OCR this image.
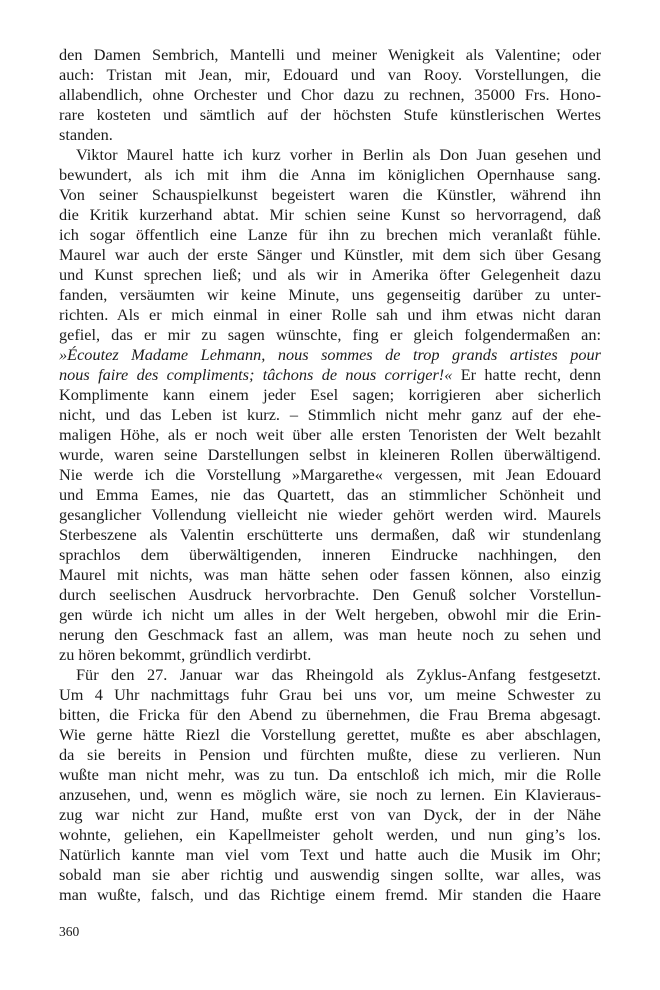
den Damen Sembrich, Mantelli und meiner Wenigkeit als Valentine; oder
auch: Tristan mit Jean, mir, Edouard und van Rooy. Vorstellungen, die
allabendlich, ohne Orchester und Chor dazu zu rechnen, 35000 Frs. Hono-
rare kosteten und sämtlich auf der höchsten Stufe künstlerischen Wertes
standen.
Viktor Maurel hatte ich kurz vorher in Berlin als Don Juan gesehen und
bewundert, als ich mit ihm die Anna im königlichen Opernhause sang.
Von seiner Schauspielkunst begeistert waren die Künstler, während ihn
die Kritik kurzerhand abtat. Mir schien seine Kunst so hervorragend, daß
ich sogar öffentlich eine Lanze für ihn zu brechen mich veranlaßt fühle.
Maurel war auch der erste Sänger und Künstler, mit dem sich über Gesang
und Kunst sprechen ließ; und als wir in Amerika öfter Gelegenheit dazu
fanden, versäumten wir keine Minute, uns gegenseitig darüber zu unter-
richten. Als er mich einmal in einer Rolle sah und ihm etwas nicht daran
gefiel, das er mir zu sagen wünschte, fing er gleich folgendermaßen an:
»Écoutez Madame Lehmann, nous sommes de trop grands artistes pour
nous faire des compliments; tâchons de nous corriger!« Er hatte recht, denn
Komplimente kann einem jeder Esel sagen; korrigieren aber sicherlich
nicht, und das Leben ist kurz. – Stimmlich nicht mehr ganz auf der ehe-
maligen Höhe, als er noch weit über alle ersten Tenoristen der Welt bezahlt
wurde, waren seine Darstellungen selbst in kleineren Rollen überwältigend.
Nie werde ich die Vorstellung »Margarethe« vergessen, mit Jean Edouard
und Emma Eames, nie das Quartett, das an stimmlicher Schönheit und
gesanglicher Vollendung vielleicht nie wieder gehört werden wird. Maurels
Sterbeszene als Valentin erschütterte uns dermaßen, daß wir stundenlang
sprachlos dem überwältigenden, inneren Eindrucke nachhingen, den
Maurel mit nichts, was man hätte sehen oder fassen können, also einzig
durch seelischen Ausdruck hervorbrachte. Den Genuß solcher Vorstellun-
gen würde ich nicht um alles in der Welt hergeben, obwohl mir die Erin-
nerung den Geschmack fast an allem, was man heute noch zu sehen und
zu hören bekommt, gründlich verdirbt.
Für den 27. Januar war das Rheingold als Zyklus-Anfang festgesetzt.
Um 4 Uhr nachmittags fuhr Grau bei uns vor, um meine Schwester zu
bitten, die Fricka für den Abend zu übernehmen, die Frau Brema abgesagt.
Wie gerne hätte Riezl die Vorstellung gerettet, mußte es aber abschlagen,
da sie bereits in Pension und fürchten mußte, diese zu verlieren. Nun
wußte man nicht mehr, was zu tun. Da entschloß ich mich, mir die Rolle
anzusehen, und, wenn es möglich wäre, sie noch zu lernen. Ein Klavieraus-
zug war nicht zur Hand, mußte erst von van Dyck, der in der Nähe
wohnte, geliehen, ein Kapellmeister geholt werden, und nun ging’s los.
Natürlich kannte man viel vom Text und hatte auch die Musik im Ohr;
sobald man sie aber richtig und auswendig singen sollte, war alles, was
man wußte, falsch, und das Richtige einem fremd. Mir standen die Haare
360
